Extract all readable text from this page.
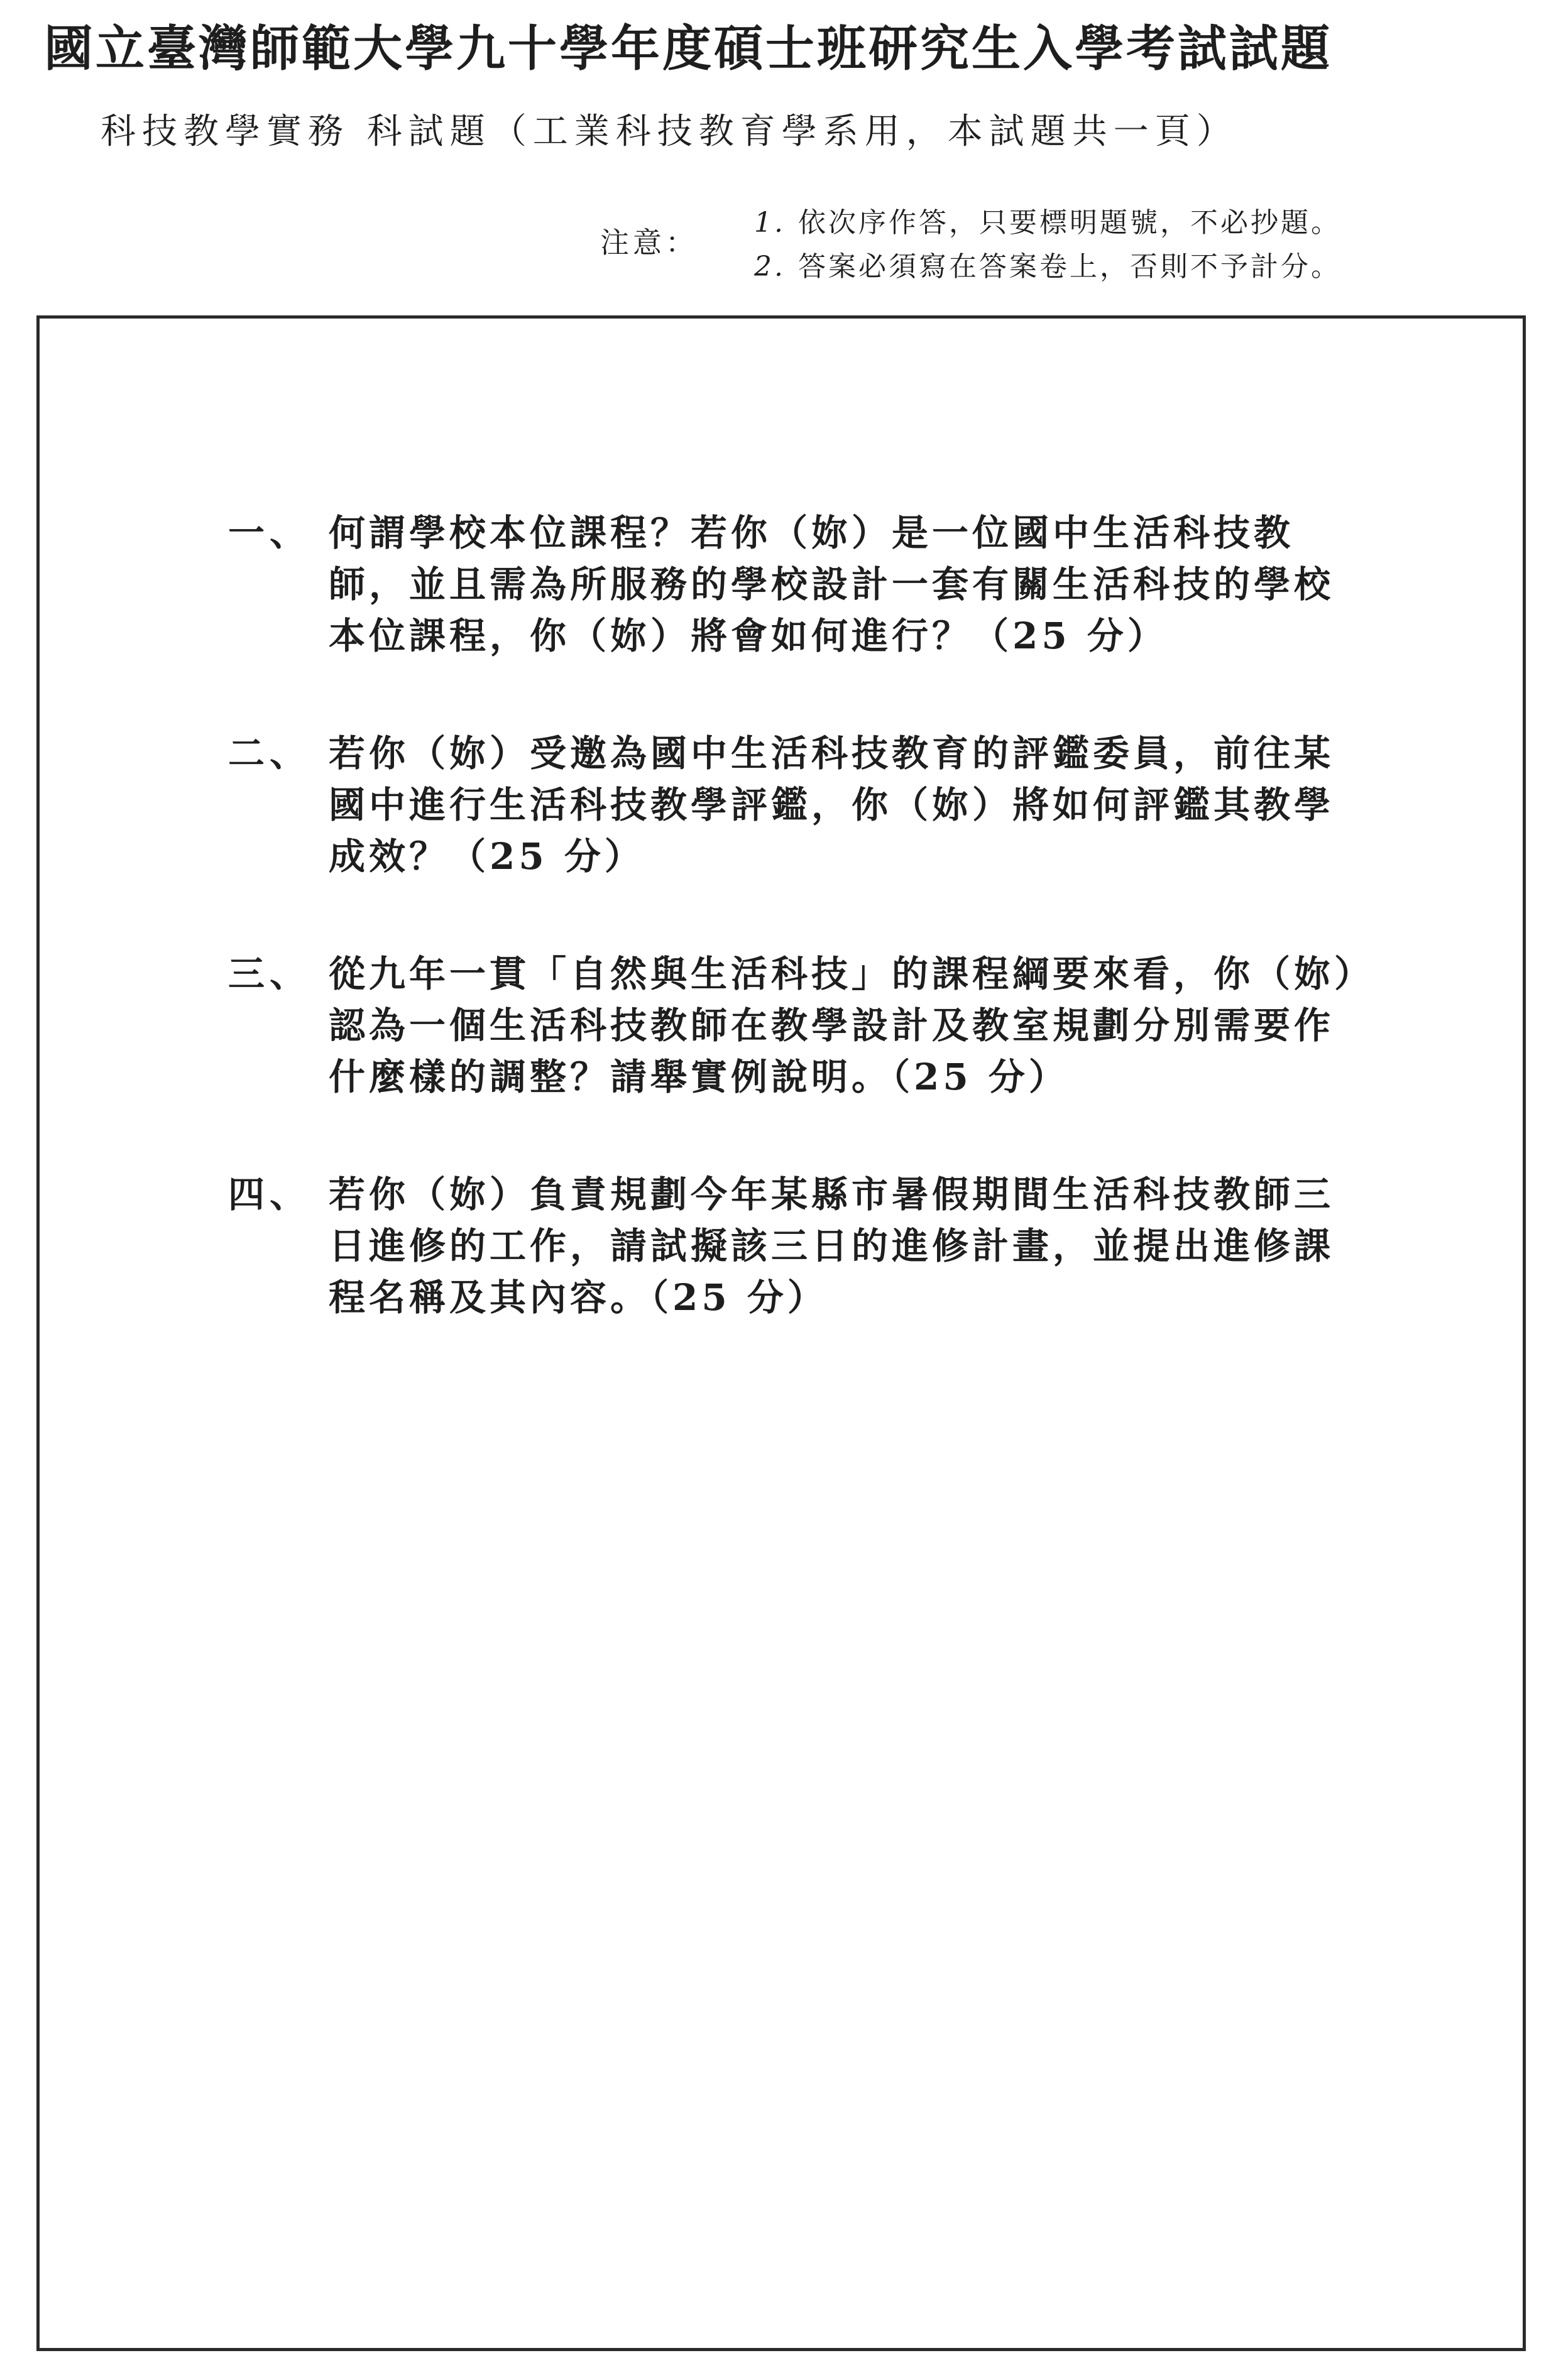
國立臺灣師範大學九十學年度碩士班研究生入學考試試題
科技教學實務 科試題（工業科技教育學系用，本試題共一頁）
注意：
1. 依次序作答，只要標明題號，不必抄題。
2. 答案必須寫在答案卷上，否則不予計分。
一、 何謂學校本位課程？若你（妳）是一位國中生活科技教師，並且需為所服務的學校設計一套有關生活科技的學校本位課程，你（妳）將會如何進行？（25 分）
二、 若你（妳）受邀為國中生活科技教育的評鑑委員，前往某國中進行生活科技教學評鑑，你（妳）將如何評鑑其教學成效？（25 分）
三、 從九年一貫「自然與生活科技」的課程綱要來看，你（妳）認為一個生活科技教師在教學設計及教室規劃分別需要作什麼樣的調整？請舉實例說明。（25 分）
四、 若你（妳）負責規劃今年某縣市暑假期間生活科技教師三日進修的工作，請試擬該三日的進修計畫，並提出進修課程名稱及其內容。（25 分）
